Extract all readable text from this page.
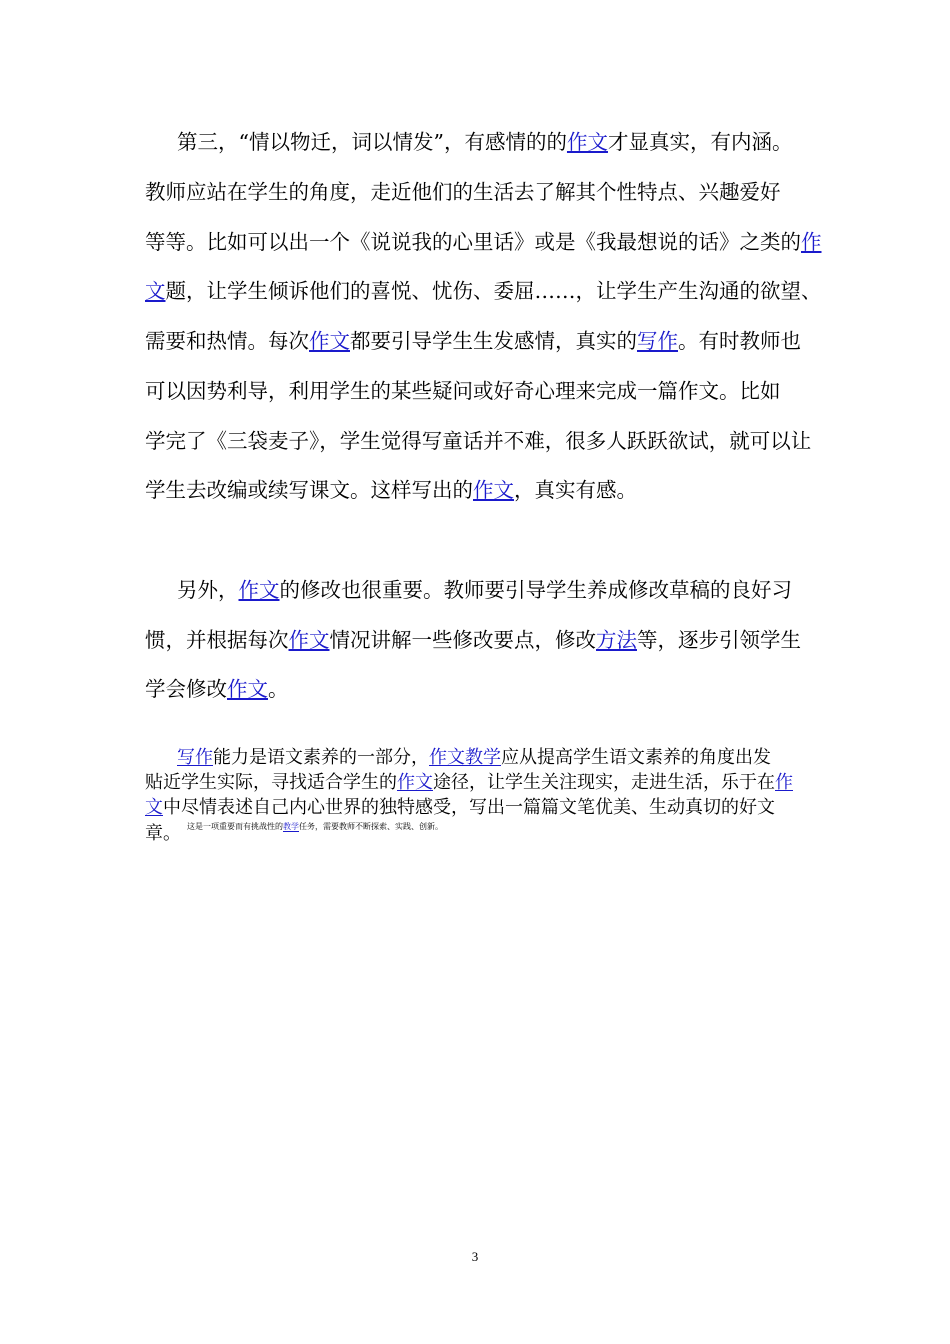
第三，“情以物迁，词以情发”，有感情的的作文才显真实，有内涵。
教师应站在学生的角度，走近他们的生活去了解其个性特点、兴趣爱好
等等。比如可以出一个《说说我的心里话》或是《我最想说的话》之类的作
文题，让学生倾诉他们的喜悦、忧伤、委屈……，让学生产生沟通的欲望、
需要和热情。每次作文都要引导学生生发感情，真实的写作。有时教师也
可以因势利导，利用学生的某些疑问或好奇心理来完成一篇作文。比如
学完了《三袋麦子》，学生觉得写童话并不难，很多人跃跃欲试，就可以让
学生去改编或续写课文。这样写出的作文，真实有感。
另外，作文的修改也很重要。教师要引导学生养成修改草稿的良好习
惯，并根据每次作文情况讲解一些修改要点，修改方法等，逐步引领学生
学会修改作文。
写作能力是语文素养的一部分，作文教学应从提高学生语文素养的角度出发
贴近学生实际，寻找适合学生的作文途径，让学生关注现实，走进生活，乐于在作
文中尽情表述自己内心世界的独特感受，写出一篇篇文笔优美、生动真切的好文
章。 $^{这是一项重要而有挑战性的教学任务,需要教师不断探索、实践、创新。}$
3
